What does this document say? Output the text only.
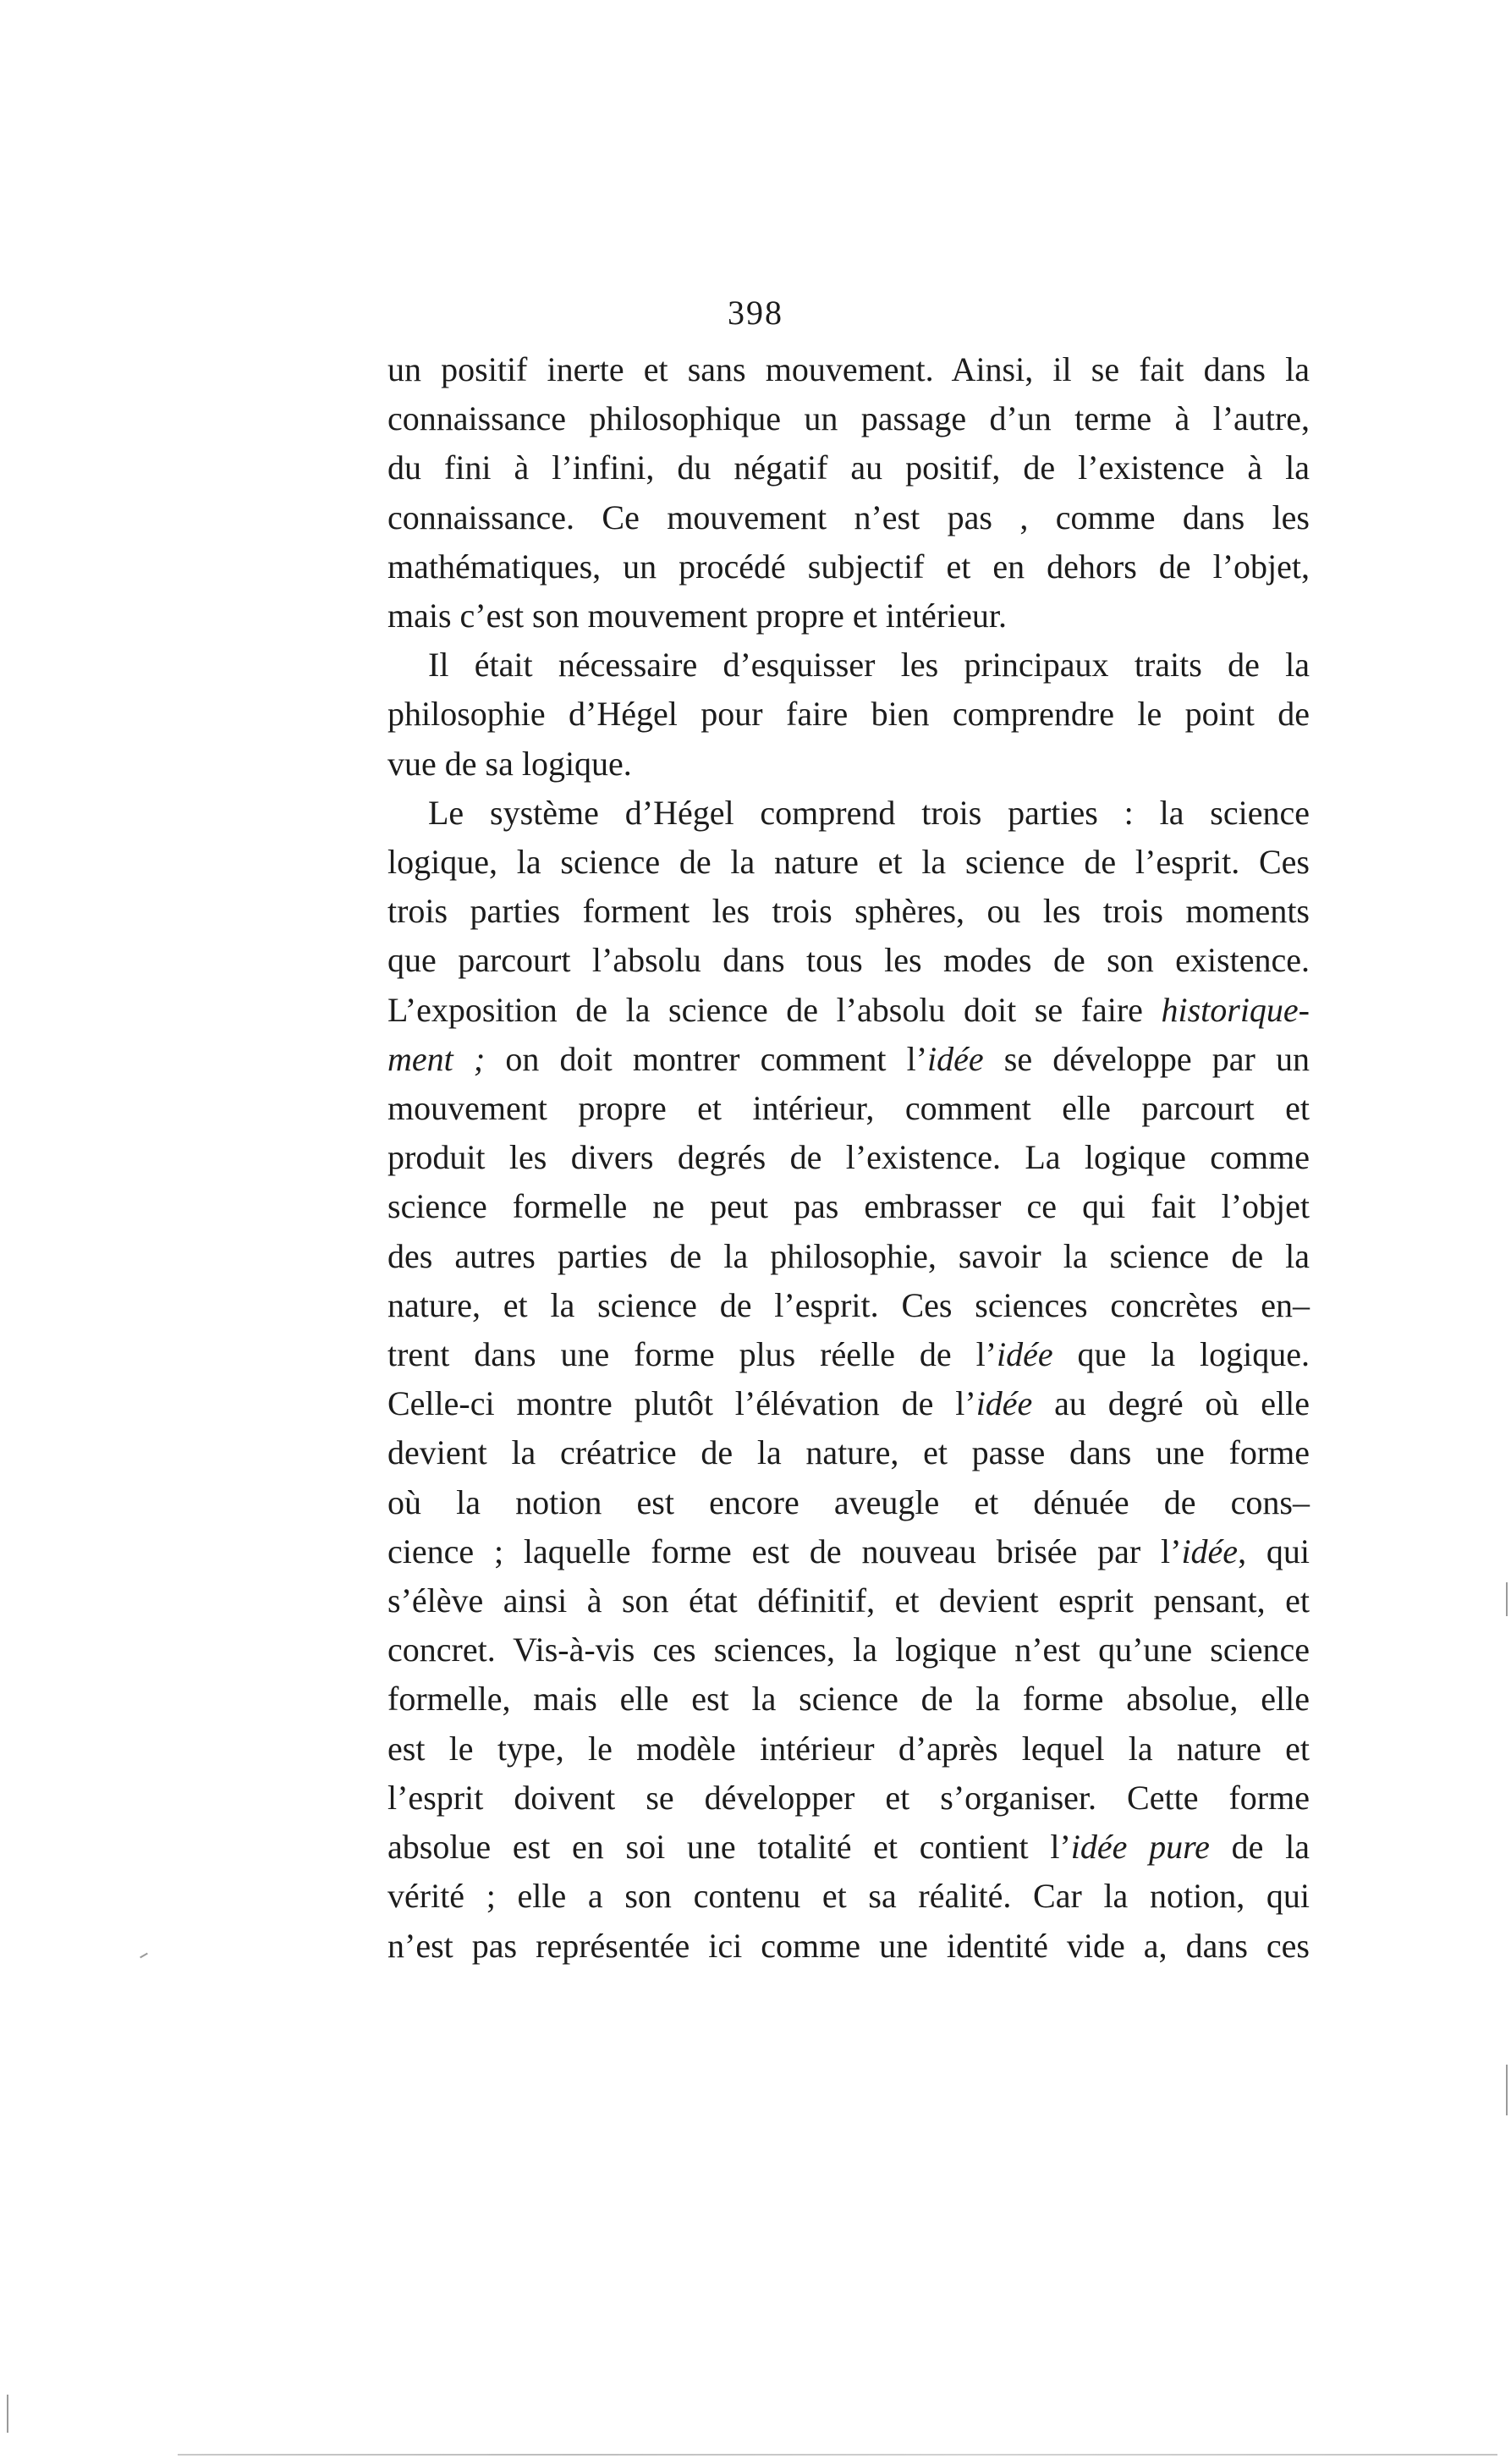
398
un positif inerte et sans mouvement. Ainsi, il se fait dans la
connaissance philosophique un passage d’un terme à l’autre,
du fini à l’infini, du négatif au positif, de l’existence à la
connaissance. Ce mouvement n’est pas , comme dans les
mathématiques, un procédé subjectif et en dehors de l’objet,
mais c’est son mouvement propre et intérieur.
Il était nécessaire d’esquisser les principaux traits de la
philosophie d’Hégel pour faire bien comprendre le point de
vue de sa logique.
Le système d’Hégel comprend trois parties : la science
logique, la science de la nature et la science de l’esprit. Ces
trois parties forment les trois sphères, ou les trois moments
que parcourt l’absolu dans tous les modes de son existence.
L’exposition de la science de l’absolu doit se faire historique-
ment ; on doit montrer comment l’idée se développe par un
mouvement propre et intérieur, comment elle parcourt et
produit les divers degrés de l’existence. La logique comme
science formelle ne peut pas embrasser ce qui fait l’objet
des autres parties de la philosophie, savoir la science de la
nature, et la science de l’esprit. Ces sciences concrètes en–
trent dans une forme plus réelle de l’idée que la logique.
Celle-ci montre plutôt l’élévation de l’idée au degré où elle
devient la créatrice de la nature, et passe dans une forme
où la notion est encore aveugle et dénuée de cons–
cience ; laquelle forme est de nouveau brisée par l’idée, qui
s’élève ainsi à son état définitif, et devient esprit pensant, et
concret. Vis-à-vis ces sciences, la logique n’est qu’une science
formelle, mais elle est la science de la forme absolue, elle
est le type, le modèle intérieur d’après lequel la nature et
l’esprit doivent se développer et s’organiser. Cette forme
absolue est en soi une totalité et contient l’idée pure de la
vérité ; elle a son contenu et sa réalité. Car la notion, qui
n’est pas représentée ici comme une identité vide a, dans ces
